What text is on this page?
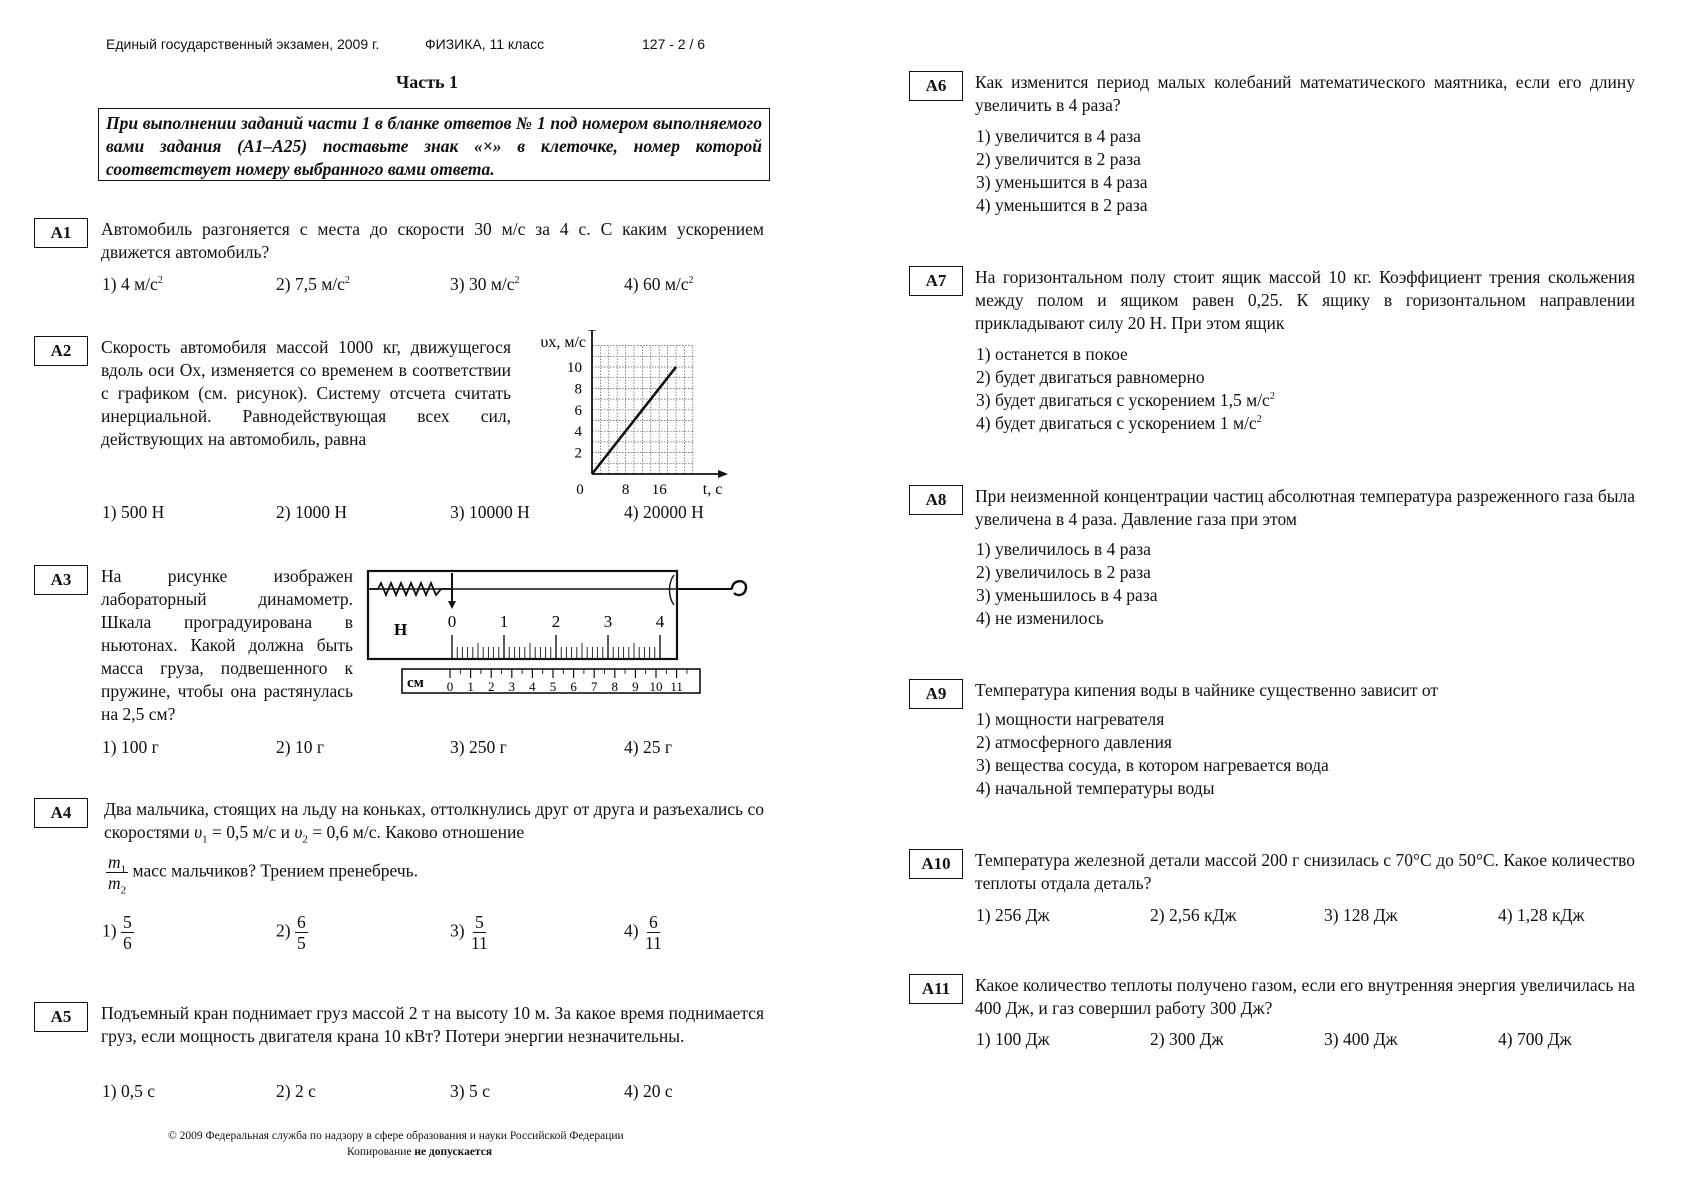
Единый государственный экзамен, 2009 г.	ФИЗИКА, 11 класс	127 - 2 / 6
Часть 1
При выполнении заданий части 1 в бланке ответов № 1 под номером выполняемого вами задания (А1–А25) поставьте знак «×» в клеточке, номер которой соответствует номеру выбранного вами ответа.
А1	Автомобиль разгоняется с места до скорости 30 м/с за 4 с. С каким ускорением движется автомобиль?
1) 4 $м/с^2$	2) 7,5 $м/с^2$	3) 30 $м/с^2$	4) 60 $м/с^2$
А2	Скорость автомобиля массой 1000 кг, движущегося вдоль оси Ох, изменяется со временем в соответствии с графиком (см. рисунок). Систему отсчета считать инерциальной. Равнодействующая всех сил, действующих на автомобиль, равна
2
4
6
8
10
0	8 16
υx, м/с
t, с
1) 500 Н	2) 1000 Н	3) 10000 Н	4) 20000 Н
А3	На рисунке изображен лабораторный динамометр. Шкала проградуирована в ньютонах. Какой должна быть масса груза, подвешенного к пружине, чтобы она растянулась на 2,5 см?
0	1	2	3	4
Н
см 0 1 2 3 4 5 6 7 8 9 10 11
1) 100 г	2) 10 г	3) 250 г	4) 25 г
А4	Два мальчика, стоящих на льду на коньках, оттолкнулись друг от друга и разъехались со скоростями $\upsilon_1 = 0,5$ м/с и $\upsilon_2 = 0,6$ м/с. Каково отношение
$\frac{m_1}{m_2}$ масс мальчиков? Трением пренебречь.
$1) \frac{5}{6}$	$2) \frac{6}{5}$	$3) \frac{5}{11}$	$4) \frac{6}{11}$
А5	Подъемный кран поднимает груз массой 2 т на высоту 10 м. За какое время поднимается груз, если мощность двигателя крана 10 кВт? Потери энергии незначительны.
1) 0,5 с	2) 2 с	3) 5 с	4) 20 с
© 2009 Федеральная служба по надзору в сфере образования и науки Российской Федерации
Копирование не допускается
А6	Как изменится период малых колебаний математического маятника, если его длину увеличить в 4 раза?
1) увеличится в 4 раза
2) увеличится в 2 раза
3) уменьшится в 4 раза
4) уменьшится в 2 раза
А7	На горизонтальном полу стоит ящик массой 10 кг. Коэффициент трения скольжения между полом и ящиком равен 0,25. К ящику в горизонтальном направлении прикладывают силу 20 Н. При этом ящик
1) останется в покое
2) будет двигаться равномерно
3) будет двигаться с ускорением 1,5 $м/с^2$
4) будет двигаться с ускорением 1 $м/с^2$
А8	При неизменной концентрации частиц абсолютная температура разреженного газа была увеличена в 4 раза. Давление газа при этом
1) увеличилось в 4 раза
2) увеличилось в 2 раза
3) уменьшилось в 4 раза
4) не изменилось
А9	Температура кипения воды в чайнике существенно зависит от
1) мощности нагревателя
2) атмосферного давления
3) вещества сосуда, в котором нагревается вода
4) начальной температуры воды
А10	Температура железной детали массой 200 г снизилась с 70°С до 50°С. Какое количество теплоты отдала деталь?
1) 256 Дж	2) 2,56 кДж	3) 128 Дж	4) 1,28 кДж
А11	Какое количество теплоты получено газом, если его внутренняя энергия увеличилась на 400 Дж, и газ совершил работу 300 Дж?
1) 100 Дж	2) 300 Дж	3) 400 Дж	4) 700 Дж
